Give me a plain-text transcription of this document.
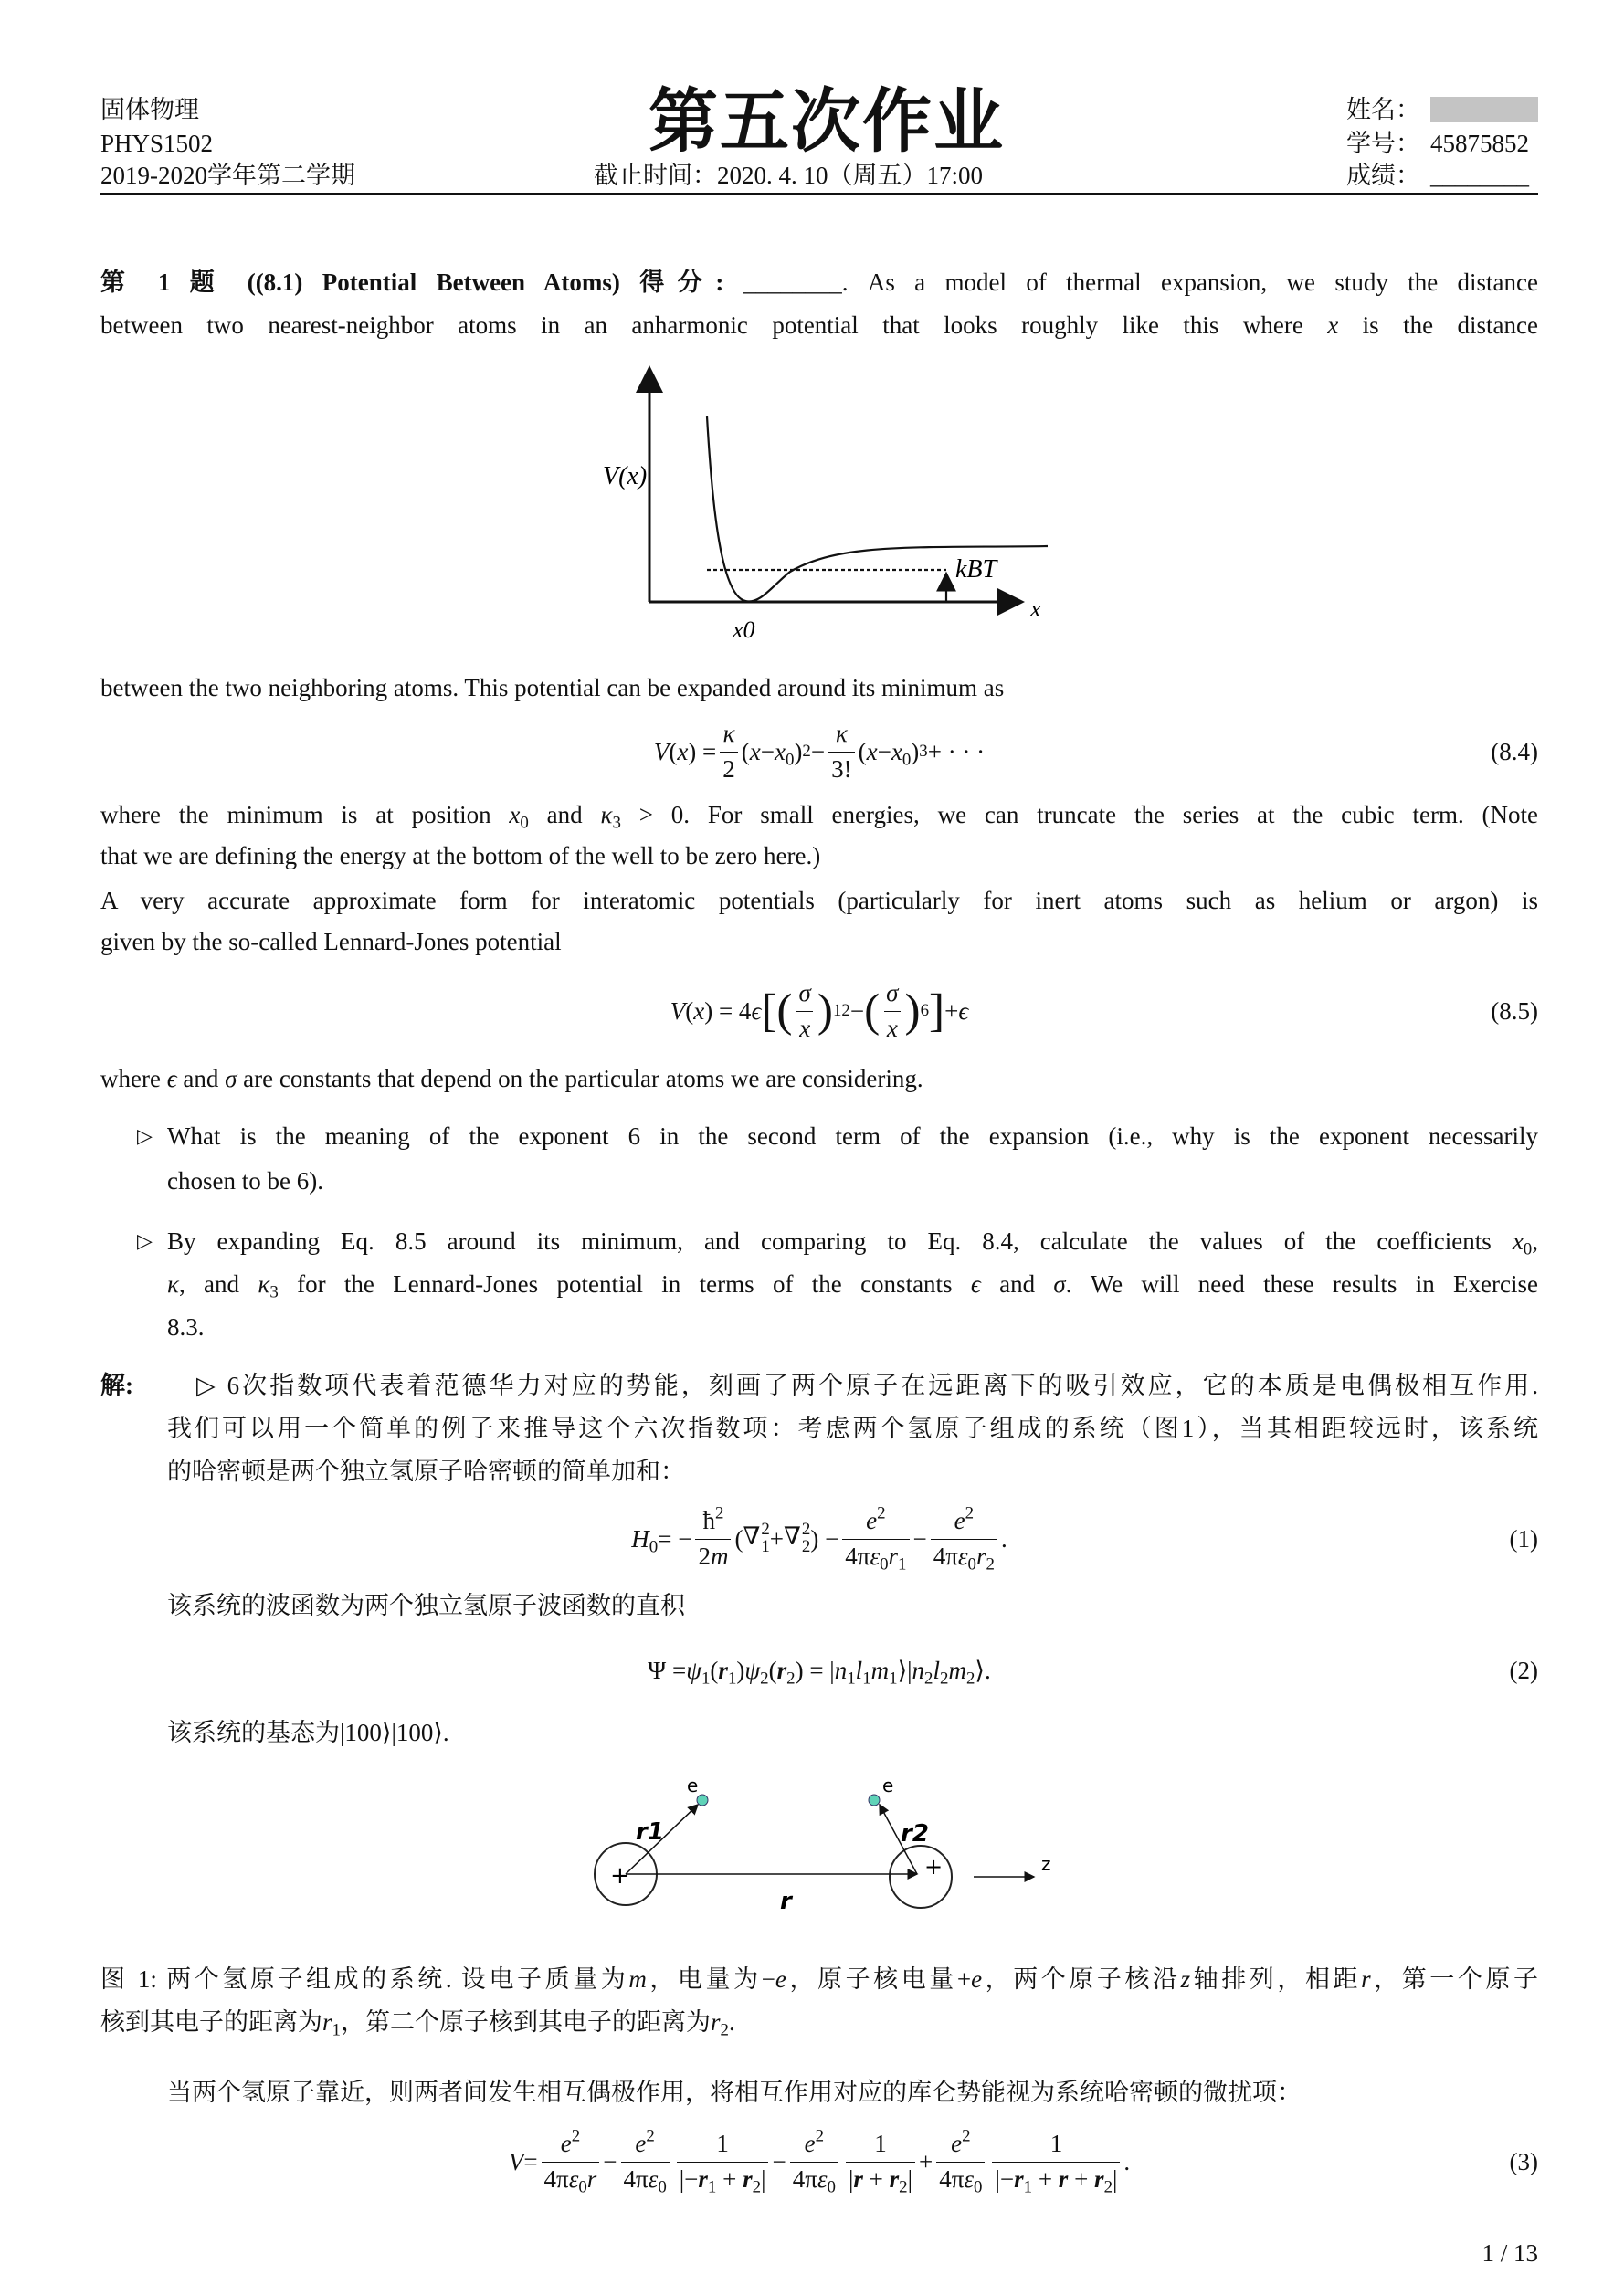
固体物理
PHYS1502
2019-2020学年第二学期
第五次作业
截止时间：2020. 4. 10（周五）17:00
姓名：
学号： 45875852
成绩： ________
第 1 题 ((8.1) Potential Between Atoms) 得分: ________. As a model of thermal expansion, we study the distance
between two nearest-neighbor atoms in an anharmonic potential that looks roughly like this where x is the distance
V(x)
kBT
x0
x
between the two neighboring atoms. This potential can be expanded around its minimum as
V ( x ) = $\frac{\kappa}{2}$ ( $x - x_0$ ) $2 - \frac{\kappa}{3!}$ ( $x - x_0$ ) 3 + · · ·	(8.4)
where the minimum is at position $x_0$ and $\kappa_3 > 0$. For small energies, we can truncate the series at the cubic term. (Note
that we are defining the energy at the bottom of the well to be zero here.)
A very accurate approximate form for interatomic potentials (particularly for inert atoms such as helium or argon) is
given by the so-called Lennard-Jones potential
V ( x ) = 4 ϵ [ ( $\frac{\sigma}{x}$ ) 12 − ( $\frac{\sigma}{x}$ ) 6 ] + ϵ	(8.5)
where ϵ and σ are constants that depend on the particular atoms we are considering.
▷ What is the meaning of the exponent 6 in the second term of the expansion (i.e., why is the exponent necessarily
chosen to be 6).
▷ By expanding Eq. 8.5 around its minimum, and comparing to Eq. 8.4, calculate the values of the coefficients $x_0$,
κ, and $\kappa_3$ for the Lennard-Jones potential in terms of the constants ϵ and σ. We will need these results in Exercise
8.3.
解:	▷ 6次指数项代表着范德华力对应的势能，刻画了两个原子在远距离下的吸引效应，它的本质是电偶极相互作用.
我们可以用一个简单的例子来推导这个六次指数项：考虑两个氢原子组成的系统（图1），当其相距较远时，该系统
的哈密顿是两个独立氢原子哈密顿的简单加和：
$H_0$ = − $\frac{ħ^2}{2m}$ ( ∇ 2
1 + ∇ 2
2 ) − $\frac{e^2}{4\pi\varepsilon_0r_1} - \frac{e^2}{4\pi\varepsilon_0r_2}$ .	(1)
该系统的波函数为两个独立氢原子波函数的直积
$\Psi = \psi_1$ ( $r_1$ ) $\psi_2$ ( $r_2$ ) = | $n_1$ $l_1$ $m_1$ ⟩| $n_2$ $l_2$ $m_2$ ⟩.	(2)
该系统的基态为|100⟩|100⟩.
+	+
e	e
r1	r2
r
z
图 1: 两个氢原子组成的系统. 设电子质量为m，电量为−e，原子核电量+e，两个原子核沿z轴排列，相距r，第一个原子
核到其电子的距离为$r_1$，第二个原子核到其电子的距离为$r_2$.
当两个氢原子靠近，则两者间发生相互偶极作用，将相互作用对应的库仑势能视为系统哈密顿的微扰项：
$V = \frac{e^2}{4\pi\varepsilon_0r} - \frac{e^2}{4\pi\varepsilon_0} \frac{1}{|-r_1 + r_2|} - \frac{e^2}{4\pi\varepsilon_0} \frac{1}{|r + r_2|} + \frac{e^2}{4\pi\varepsilon_0} \frac{1}{|-r_1 + r + r_2|}$ .	(3)
1 / 13
